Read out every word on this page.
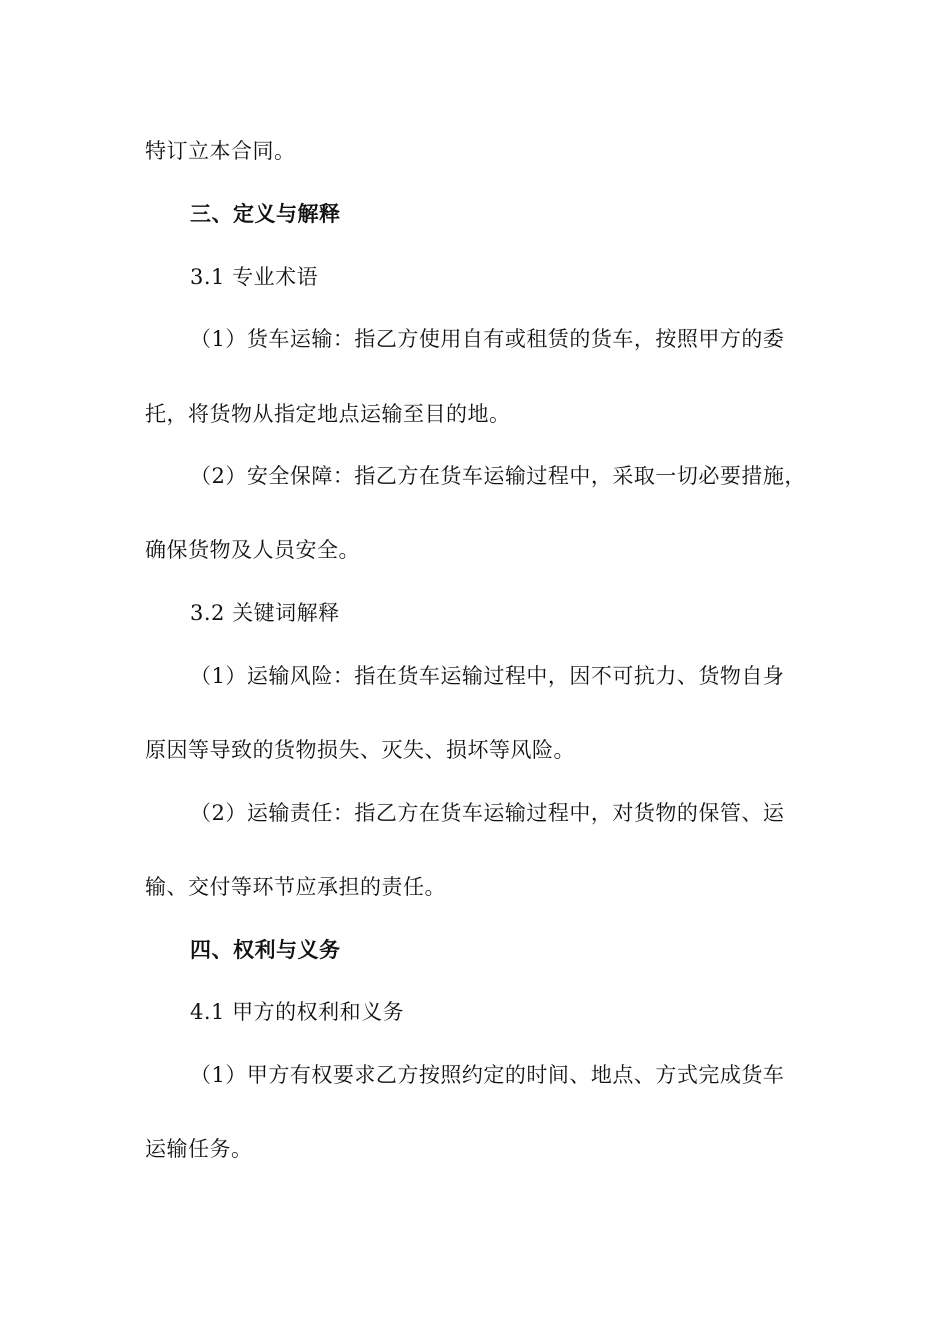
特订立本合同。
三、定义与解释
3.1 专业术语
（1）货车运输：指乙方使用自有或租赁的货车，按照甲方的委
托，将货物从指定地点运输至目的地。
（2）安全保障：指乙方在货车运输过程中，采取一切必要措施，
确保货物及人员安全。
3.2 关键词解释
（1）运输风险：指在货车运输过程中，因不可抗力、货物自身
原因等导致的货物损失、灭失、损坏等风险。
（2）运输责任：指乙方在货车运输过程中，对货物的保管、运
输、交付等环节应承担的责任。
四、权利与义务
4.1 甲方的权利和义务
（1）甲方有权要求乙方按照约定的时间、地点、方式完成货车
运输任务。
